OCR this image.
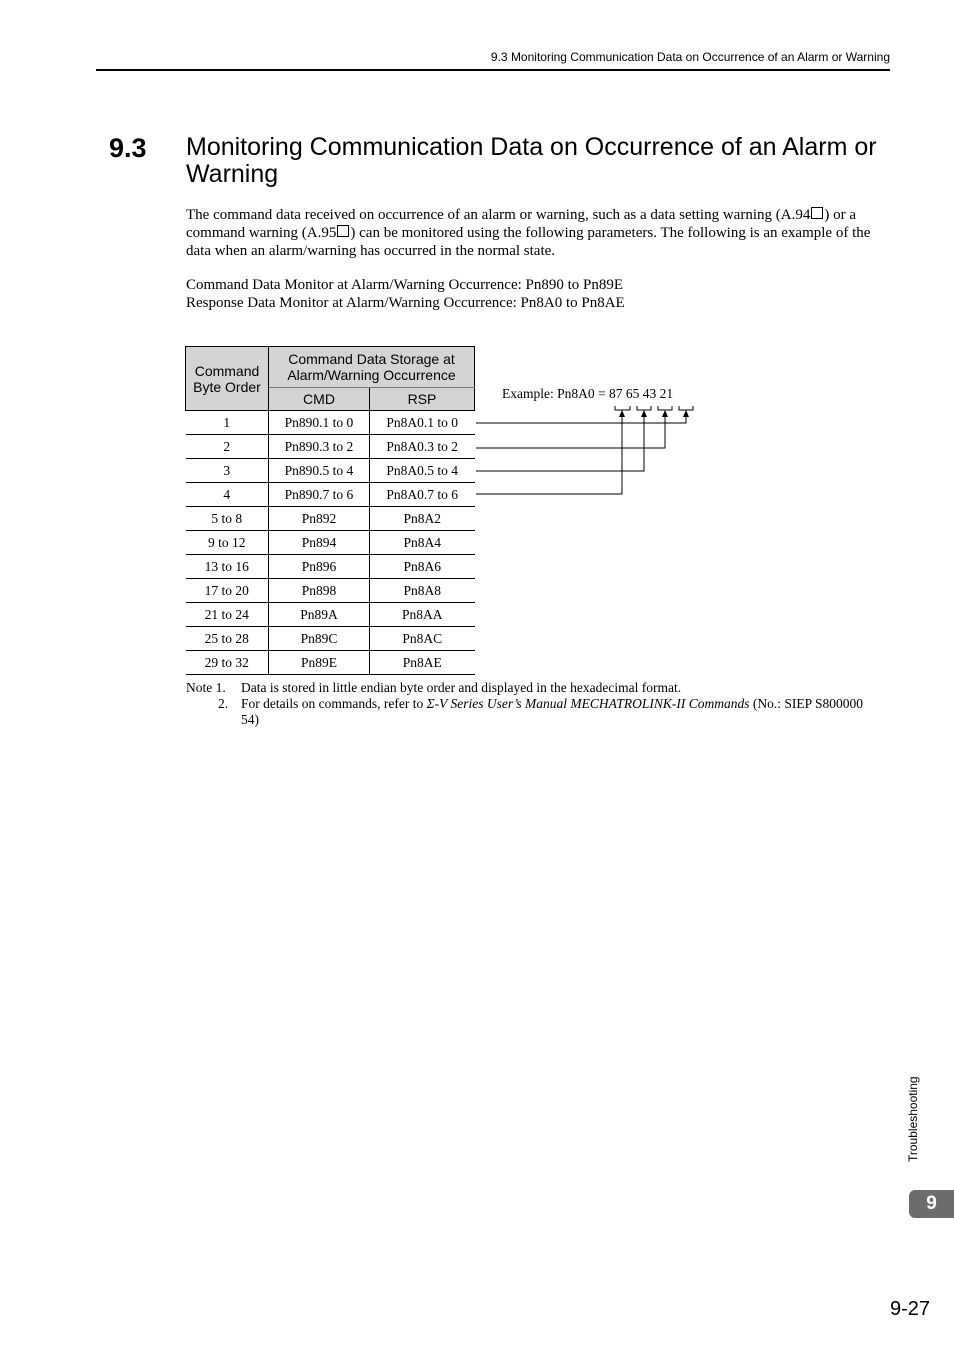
9.3 Monitoring Communication Data on Occurrence of an Alarm or Warning
9.3 Monitoring Communication Data on Occurrence of an Alarm or Warning
The command data received on occurrence of an alarm or warning, such as a data setting warning (A.94 ) or a command warning (A.95 ) can be monitored using the following parameters. The following is an example of the data when an alarm/warning has occurred in the normal state.
Command Data Monitor at Alarm/Warning Occurrence: Pn890 to Pn89E
Response Data Monitor at Alarm/Warning Occurrence: Pn8A0 to Pn8AE
Command Byte Order	Command Data Storage at Alarm/Warning Occurrence	
	CMD	RSP
1	Pn890.1 to 0	Pn8A0.1 to 0
2	Pn890.3 to 2	Pn8A0.3 to 2
3	Pn890.5 to 4	Pn8A0.5 to 4
4	Pn890.7 to 6	Pn8A0.7 to 6
5 to 8	Pn892	Pn8A2
9 to 12	Pn894	Pn8A4
13 to 16	Pn896	Pn8A6
17 to 20	Pn898	Pn8A8
21 to 24	Pn89A	Pn8AA
25 to 28	Pn89C	Pn8AC
29 to 32	Pn89E	Pn8AE
Example: Pn8A0 = 87 65 43 21
Note 1. Data is stored in little endian byte order and displayed in the hexadecimal format.
2. For details on commands, refer to Σ-V Series User’s Manual MECHATROLINK-II Commands (No.: SIEP S800000 54)
Troubleshooting
9
9-27
